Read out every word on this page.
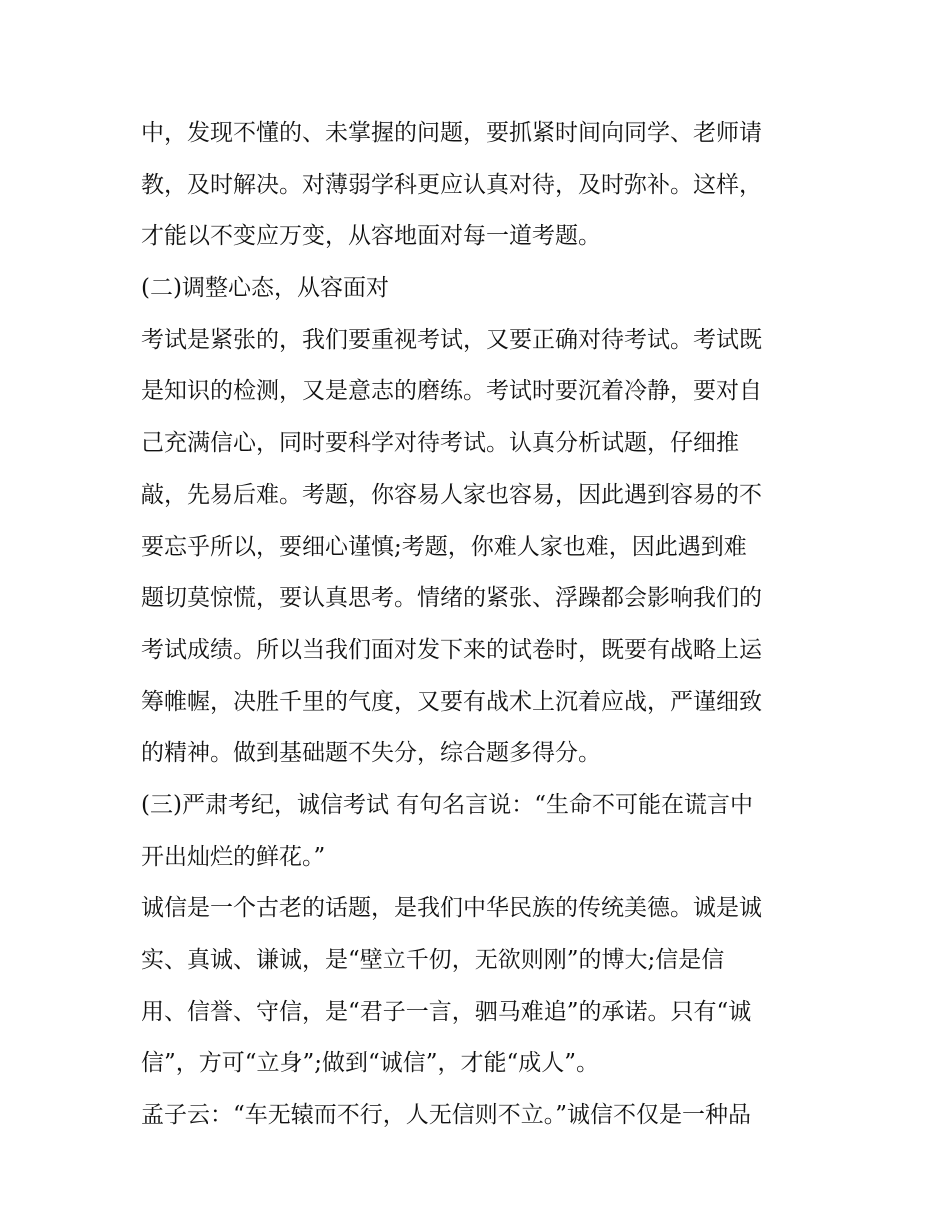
中，发现不懂的、未掌握的问题，要抓紧时间向同学、老师请
教，及时解决。对薄弱学科更应认真对待，及时弥补。这样，
才能以不变应万变，从容地面对每一道考题。
(二)调整心态，从容面对
考试是紧张的，我们要重视考试，又要正确对待考试。考试既
是知识的检测，又是意志的磨练。考试时要沉着冷静，要对自
己充满信心，同时要科学对待考试。认真分析试题，仔细推
敲，先易后难。考题，你容易人家也容易，因此遇到容易的不
要忘乎所以，要细心谨慎;考题，你难人家也难，因此遇到难
题切莫惊慌，要认真思考。情绪的紧张、浮躁都会影响我们的
考试成绩。所以当我们面对发下来的试卷时，既要有战略上运
筹帷幄，决胜千里的气度，又要有战术上沉着应战，严谨细致
的精神。做到基础题不失分，综合题多得分。
(三)严肃考纪，诚信考试 有句名言说：“生命不可能在谎言中
开出灿烂的鲜花。”
诚信是一个古老的话题，是我们中华民族的传统美德。诚是诚
实、真诚、谦诚，是“壁立千仞，无欲则刚”的博大;信是信
用、信誉、守信，是“君子一言，驷马难追”的承诺。只有“诚
信”，方可“立身”;做到“诚信”，才能“成人”。
孟子云：“车无辕而不行，人无信则不立。”诚信不仅是一种品
